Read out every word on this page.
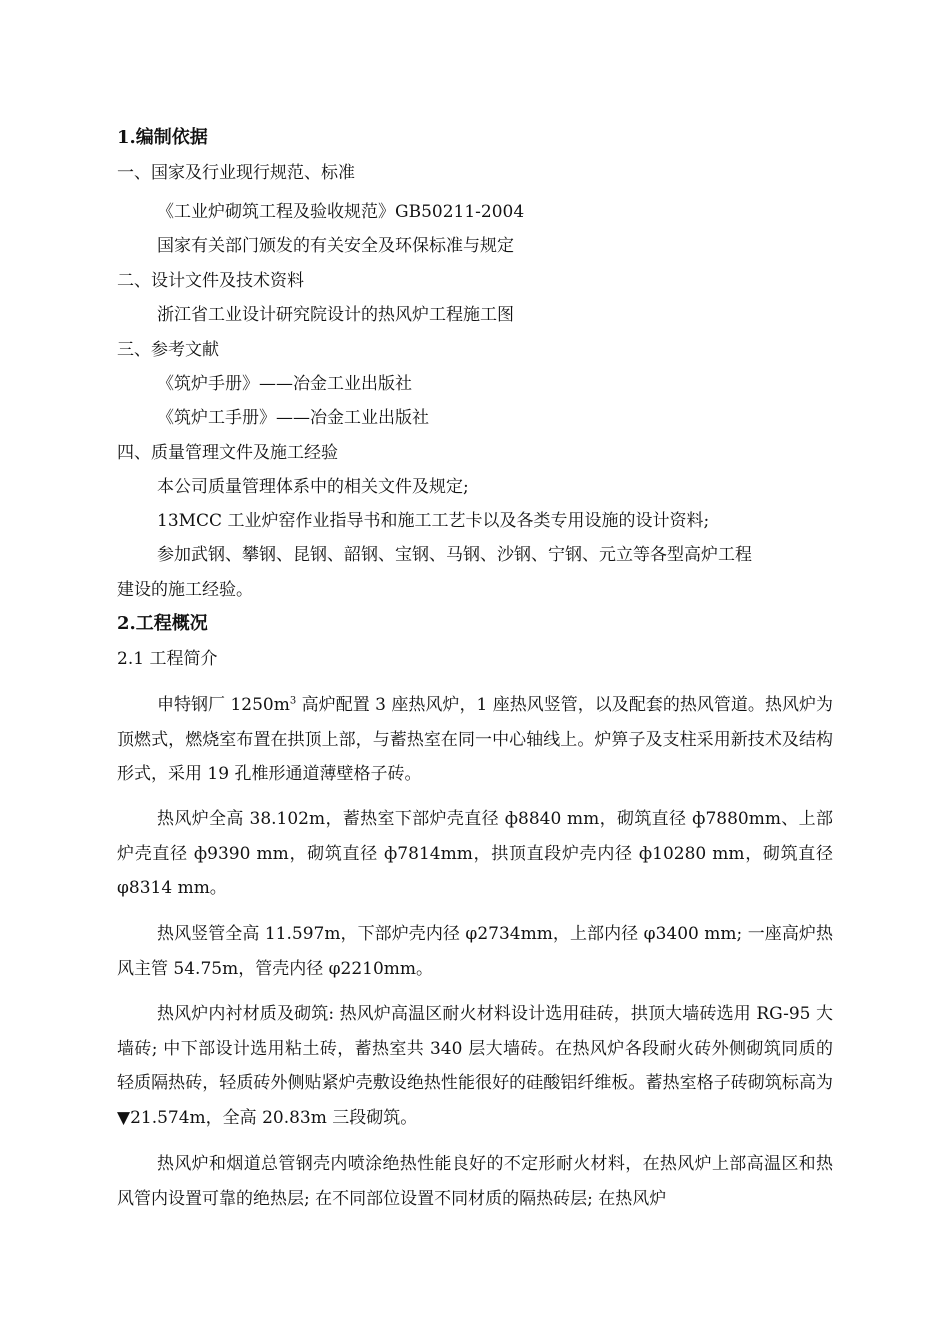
1.编制依据
一、国家及行业现行规范、标准
《工业炉砌筑工程及验收规范》GB50211-2004
国家有关部门颁发的有关安全及环保标准与规定
二、设计文件及技术资料
浙江省工业设计研究院设计的热风炉工程施工图
三、参考文献
《筑炉手册》——冶金工业出版社
《筑炉工手册》——冶金工业出版社
四、质量管理文件及施工经验
本公司质量管理体系中的相关文件及规定;
13MCC 工业炉窑作业指导书和施工工艺卡以及各类专用设施的设计资料;
参加武钢、攀钢、昆钢、韶钢、宝钢、马钢、沙钢、宁钢、元立等各型高炉工程
建设的施工经验。
2.工程概况
2.1 工程简介
申特钢厂 $1250m^3$ 高炉配置 3 座热风炉，1 座热风竖管，以及配套的热风管道。热风炉为顶燃式，燃烧室布置在拱顶上部，与蓄热室在同一中心轴线上。炉箅子及支柱采用新技术及结构形式，采用 19 孔椎形通道薄壁格子砖。
热风炉全高 38.102m，蓄热室下部炉壳直径 ф8840 mm，砌筑直径 ф7880mm、上部炉壳直径 ф9390 mm，砌筑直径 ф7814mm，拱顶直段炉壳内径 ф10280 mm，砌筑直径 φ8314 mm。
热风竖管全高 11.597m，下部炉壳内径 φ2734mm，上部内径 φ3400 mm; 一座高炉热风主管 54.75m，管壳内径 φ2210mm。
热风炉内衬材质及砌筑: 热风炉高温区耐火材料设计选用硅砖，拱顶大墙砖选用 RG-95 大墙砖; 中下部设计选用粘土砖，蓄热室共 340 层大墙砖。在热风炉各段耐火砖外侧砌筑同质的轻质隔热砖，轻质砖外侧贴紧炉壳敷设绝热性能很好的硅酸铝纤维板。蓄热室格子砖砌筑标高为▼21.574m，全高 20.83m 三段砌筑。
热风炉和烟道总管钢壳内喷涂绝热性能良好的不定形耐火材料，在热风炉上部高温区和热风管内设置可靠的绝热层; 在不同部位设置不同材质的隔热砖层; 在热风炉
